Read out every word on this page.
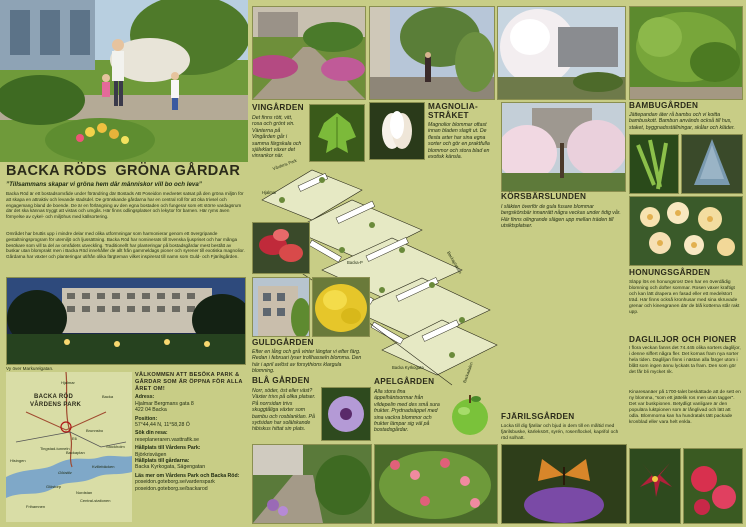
BACKA RÖDS  GRÖNA GÅRDAR
”Tillsammans skapar vi gröna hem där människor vill bo och leva”
Backa Röd är ett bostadsområde under förändring där Bostads AB Poseidon medvetet satsat på den gröna miljön för att skapa en attraktiv och levande stadsdel. De grönskande gårdarna har en central roll för att öka trivsel och engagemang bland de boende. De är en förlängning av den egna bostaden och fungerar som ett större vardagsrum där det ska kännas tryggt att vistas och umgås. Här finns odlingsplatser och lekytor för barnen. Här ryms även förnyelse av cykel- och miljöhus med källsortering.
Området har bruttis upp i mindre delar med olika utformningar som harmonierar genom ett övergripande gestaltningsprogram för utemiljö och ljussättning. Backa Röd har nominerats till Svenska ljuspriset och har många besökare som vill ta del av områdets utveckling. Traditionellt har planteringar på bostadsgårdar mest bestått av buskar utan blomprakt men i Backa Röd innehåller de allt från gammeldags pioner och syrener till exotiska magnolior. Gårdarna har växter och planteringar utifrån olika färgteman vilket inspirerat till namn som Guld- och Fjärilsgården.
Vy över Markurelgatan.
BACKA RÖD
VÅRDENS PARK
Backaplan
Brunnsbo
Götaälv
Hisingen
Nordstan
Central-stationen
Hjalmar
Kvillebäcken
Backa
E6
Glöstorp
Tingstad-tunneln	Stockholm
Frihamnen
VÄLKOMMEN ATT BESÖKA PARK & GÅRDAR SOM ÄR ÖPPNA FÖR ALLA ÅRET OM!
Adress:
Hjalmar Bergmans gata 8
422 04 Backa
Position:
57°44,44 N, 11°58,28 Ö
Sök din resa:
reseplaneraren.vasttrafik.se
Hållplats till Vårdens Park:
Björkrisvägen
Hållplats till gårdarna:
Backa Kyrkogata, Sägengatan
Läs mer om Vårdens Park och Backa Röd:
poseidon.goteborg.se/vardenspark
poseidon.goteborg.se/backarod
VINGÅRDEN
Det finns rött, vitt, rosa och grönt vin. Vänterna på Vingården går i samma färgskala och självklart växer det vinrankor när.
MAGNOLIA-STRÅKET
Magnolior blommar oftast innan bladen slagit ut. De flesta arter har sina egna sorter och gör en praktfulla blommor och stora blad en exotisk känsla.
BAMBUGÅRDEN
Jättepandan äter rå bambu och vi koitta bambuskott. Bambun används också till hus, staket, byggnadsställningar, skålar och kläder.
Vårdens Park
Backa-P	Backaplatsen
Hjalmar
Backadalen
Backa Kyrkogata
KÖRSBÄRSLUNDEN
I släkten överför de gula fusare blommar bergskörsbär innanrätt några veckas under tidig vår. Här finns olingrande slägen upp mellan träden till utsiktsplatser.
HONUNGSGÅRDEN
Släpp lös en honungsros! Den har en överdådig blomning och dofter sommar. Rosen växer kraftigt och kan lätt drapera en fasad eller ett medelstort träd. Här finns också kronhusar med sina skruvade grenar och kinesgranen där de blå kotterna står rakt upp.
DAGLILJOR OCH PIONER
I flora veckan fanns det 74.445 olika sorters dagliljor, i denne siffert några fler. Det kornas fram nya sorter hela tiden. Dagliljan finns i nästan alla färger utom i blått som ingen ännu lyckats ta fram. Den som gör det får bli mycket rik.
Kinaresanäer på 1700-talet beskättade att de sett en ny blomma, ”som ett jättelik ros men utan tagger”. Det var buskpionen. Betydligt vanligare är den populära luktpionen som är långlivad och lätt att odla. Blommorna kan ha hundratals tätt packade kronblad eller vara helt enkla.
GULDGÅRDEN
Efter en lång och grå vinter längtar vi efter färg. Redan i februari lyser trollhasseln blomma. Den här i april avlöst av forsythions klargula blomning.
BLÅ GÅRDEN
Norr, söder, öst eller väst? Växter trivs på olika platser. På norrsidan trivs skuggtåliga växter som bambu och rosblanklan. På sydsidan har solälskande hibiskus hittat sin plats.
APELGÅRDEN
Alla stora fina äppelhäntsormar från vildepelin med des små sura frukter. Prydnadsäppel med sina vackra blommor och frukter lämpar sig väl på bostadsgårdar.
FJÄRILSGÅRDEN
Locka till dig fjärilar och bjud in dem till en måltid med fjärilsbuske, kärleksört, syrén, rosenflockel, kaprifol och röd solhatt.
